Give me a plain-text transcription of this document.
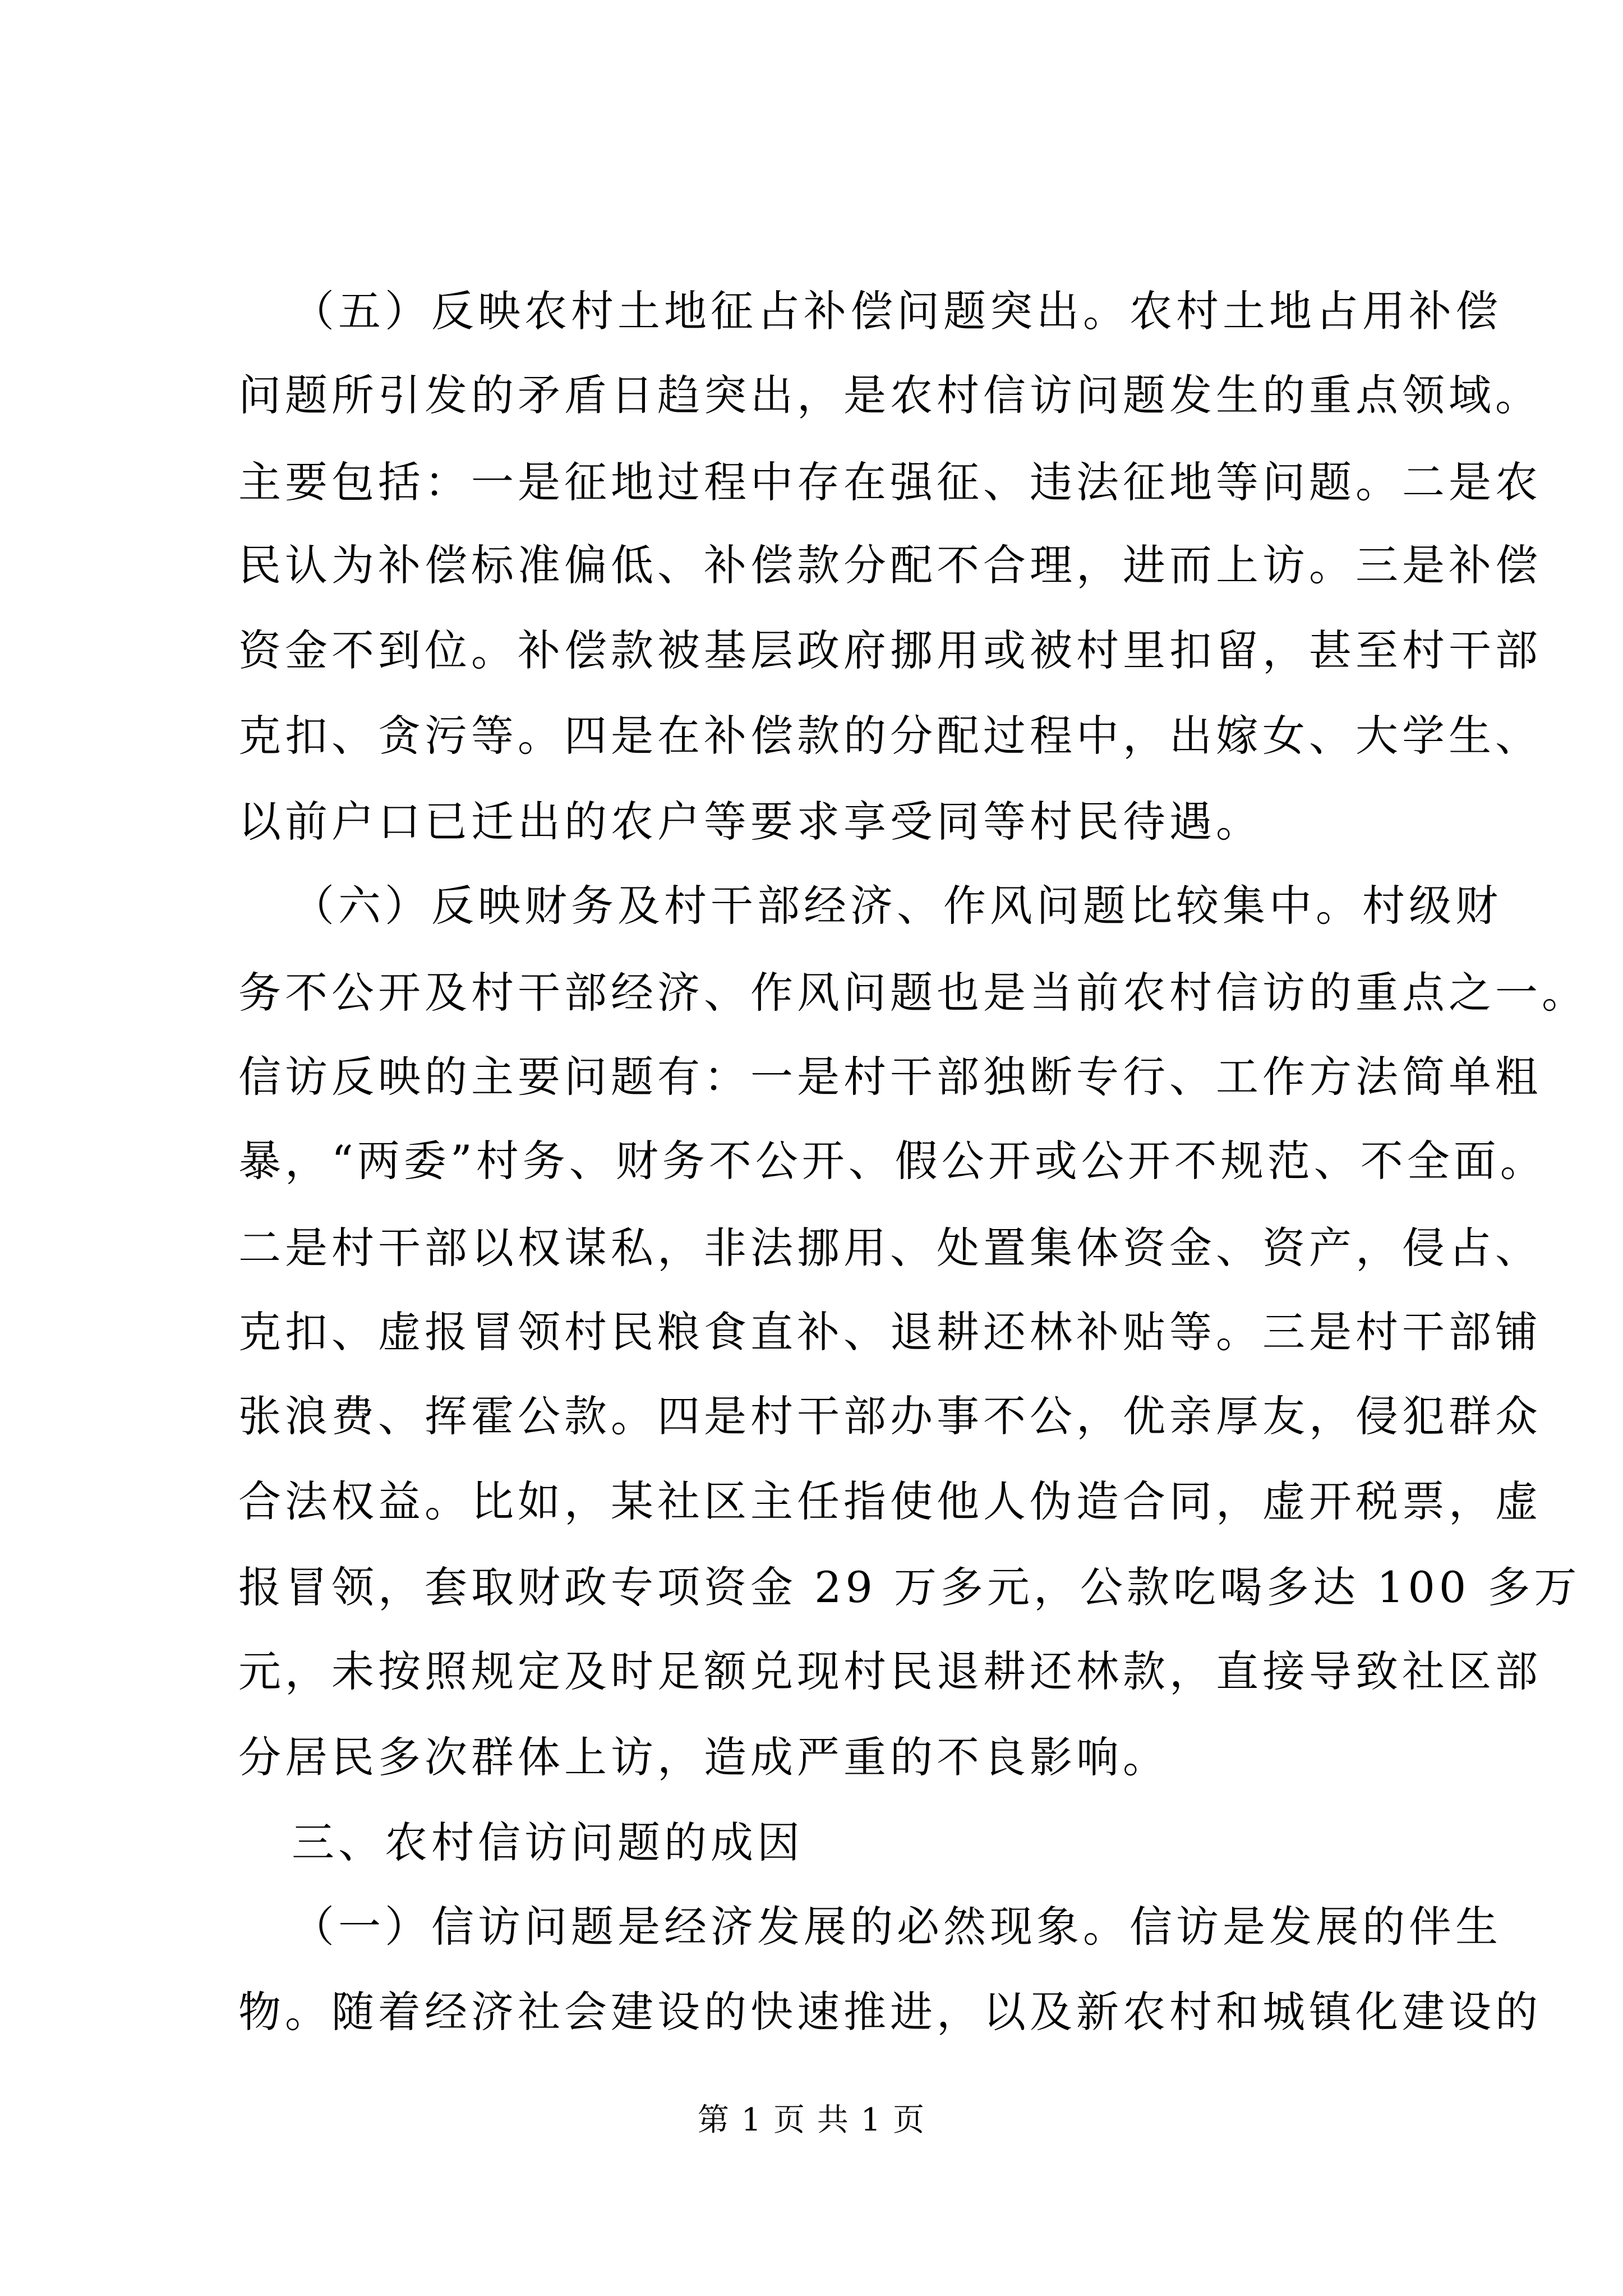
（五）反映农村土地征占补偿问题突出。农村土地占用补偿
问题所引发的矛盾日趋突出，是农村信访问题发生的重点领域。
主要包括：一是征地过程中存在强征、违法征地等问题。二是农
民认为补偿标准偏低、补偿款分配不合理，进而上访。三是补偿
资金不到位。补偿款被基层政府挪用或被村里扣留，甚至村干部
克扣、贪污等。四是在补偿款的分配过程中，出嫁女、大学生、
以前户口已迁出的农户等要求享受同等村民待遇。
（六）反映财务及村干部经济、作风问题比较集中。村级财
务不公开及村干部经济、作风问题也是当前农村信访的重点之一。
信访反映的主要问题有：一是村干部独断专行、工作方法简单粗
暴，“两委”村务、财务不公开、假公开或公开不规范、不全面。
二是村干部以权谋私，非法挪用、处置集体资金、资产，侵占、
克扣、虚报冒领村民粮食直补、退耕还林补贴等。三是村干部铺
张浪费、挥霍公款。四是村干部办事不公，优亲厚友，侵犯群众
合法权益。比如，某社区主任指使他人伪造合同，虚开税票，虚
报冒领，套取财政专项资金 29 万多元，公款吃喝多达 100 多万
元，未按照规定及时足额兑现村民退耕还林款，直接导致社区部
分居民多次群体上访，造成严重的不良影响。
三、农村信访问题的成因
（一）信访问题是经济发展的必然现象。信访是发展的伴生
物。随着经济社会建设的快速推进，以及新农村和城镇化建设的
第 1 页 共 1 页
